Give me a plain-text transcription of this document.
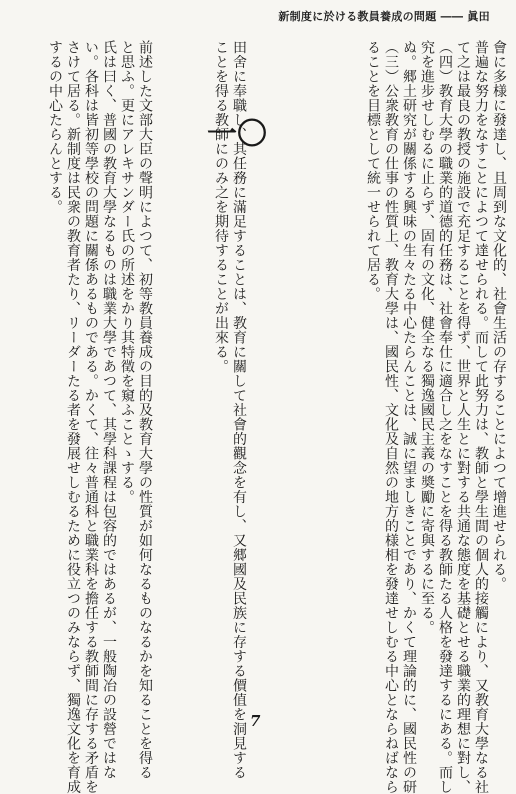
新制度に於ける教員養成の問題 ―― 眞田
ることを目標として統一せられて居る。 （三）公衆教育の仕事の性質上、教育大學は、國民性、文化及自然の地方的様相を發達せしむる中心とならねばなら ぬ。郷土研究が關係する興味の生々たる中心たらんことは、誠に望ましきことであり、かくて理論的に、國民性の研 究を進步せしむるに止らず、固有の文化、健全なる獨逸國民主義の奬勵に寄與するに至る。 （四）教育大學の職業的道德的任務は、社會奉仕に適合し之をなすことを得る教師たる人格を發達するにある。而し て之は最良の教授の施設で充足することを得ず、世界と人生とに對する共通な態度を基礎とせる職業的理想に對し、 普遍な努力をなすことによつて達せられる。而して此努力は、教師と學生間の個人的接觸により、又教育大學なる社 會に多様に發達し、且周到な文化的、社會生活の存することによつて增進せられる。
田舍に奉職し、其任務に滿足することは、教育に關して社會的觀念を有し、又郷國及民族に存する價值を洞見する
ことを得る教師にのみ之を期待することが出來る。
一〇
前述した文部大臣の聲明によつて、初等教員養成の目的及教育大學の性質が如何なるものなるかを知ることを得る
と思ふ。更にアレキサンダー氏の所述をかり其特徵を窺ふことゝする。
氏は曰く、普國の教育大學なるものは職業大學であつて、其學科課程は包容的ではあるが、一般陶冶の設營ではな
い。各科は皆初等學校の問題に關係あるものである。かくて、往々普通科と職業科を擔任する教師間に存する矛盾を
さけて居る。新制度は民衆の教育者たり、リーダーたる者を發展せしむるために役立つのみならず、獨逸文化を育成
するの中心たらんとする。
7
